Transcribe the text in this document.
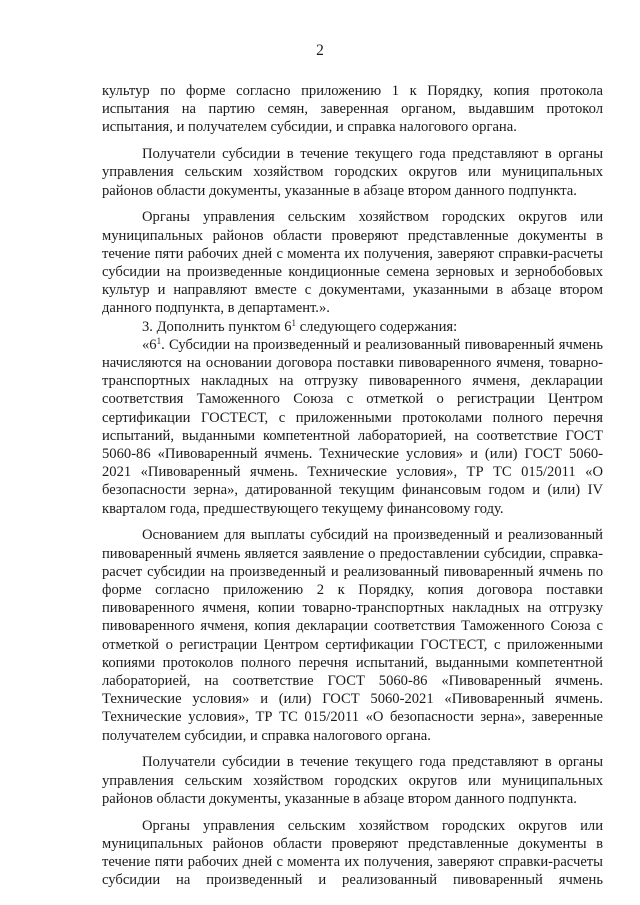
2

культур по форме согласно приложению 1 к Порядку, копия протокола испытания на партию семян, заверенная органом, выдавшим протокол испытания, и получателем субсидии, и справка налогового органа.

Получатели субсидии в течение текущего года представляют в органы управления сельским хозяйством городских округов или муниципальных районов области документы, указанные в абзаце втором данного подпункта.

Органы управления сельским хозяйством городских округов или муниципальных районов области проверяют представленные документы в течение пяти рабочих дней с момента их получения, заверяют справки-расчеты субсидии на произведенные кондиционные семена зерновых и зернобобовых культур и направляют вместе с документами, указанными в абзаце втором данного подпункта, в департамент.».

3. Дополнить пунктом $6^1$ следующего содержания:

«$6^1$. Субсидии на произведенный и реализованный пивоваренный ячмень начисляются на основании договора поставки пивоваренного ячменя, товарно-транспортных накладных на отгрузку пивоваренного ячменя, декларации соответствия Таможенного Союза с отметкой о регистрации Центром сертификации ГОСТЕСТ, с приложенными протоколами полного перечня испытаний, выданными компетентной лабораторией, на соответствие ГОСТ 5060-86 «Пивоваренный ячмень. Технические условия» и (или) ГОСТ 5060-2021 «Пивоваренный ячмень. Технические условия», ТР ТС 015/2011 «О безопасности зерна», датированной текущим финансовым годом и (или) IV кварталом года, предшествующего текущему финансовому году.

Основанием для выплаты субсидий на произведенный и реализованный пивоваренный ячмень является заявление о предоставлении субсидии, справка-расчет субсидии на произведенный и реализованный пивоваренный ячмень по форме согласно приложению 2 к Порядку, копия договора поставки пивоваренного ячменя, копии товарно-транспортных накладных на отгрузку пивоваренного ячменя, копия декларации соответствия Таможенного Союза с отметкой о регистрации Центром сертификации ГОСТЕСТ, с приложенными копиями протоколов полного перечня испытаний, выданными компетентной лабораторией, на соответствие ГОСТ 5060-86 «Пивоваренный ячмень. Технические условия» и (или) ГОСТ 5060-2021 «Пивоваренный ячмень. Технические условия», ТР ТС 015/2011 «О безопасности зерна», заверенные получателем субсидии, и справка налогового органа.

Получатели субсидии в течение текущего года представляют в органы управления сельским хозяйством городских округов или муниципальных районов области документы, указанные в абзаце втором данного подпункта.

Органы управления сельским хозяйством городских округов или муниципальных районов области проверяют представленные документы в течение пяти рабочих дней с момента их получения, заверяют справки-расчеты субсидии на произведенный и реализованный пивоваренный ячмень
